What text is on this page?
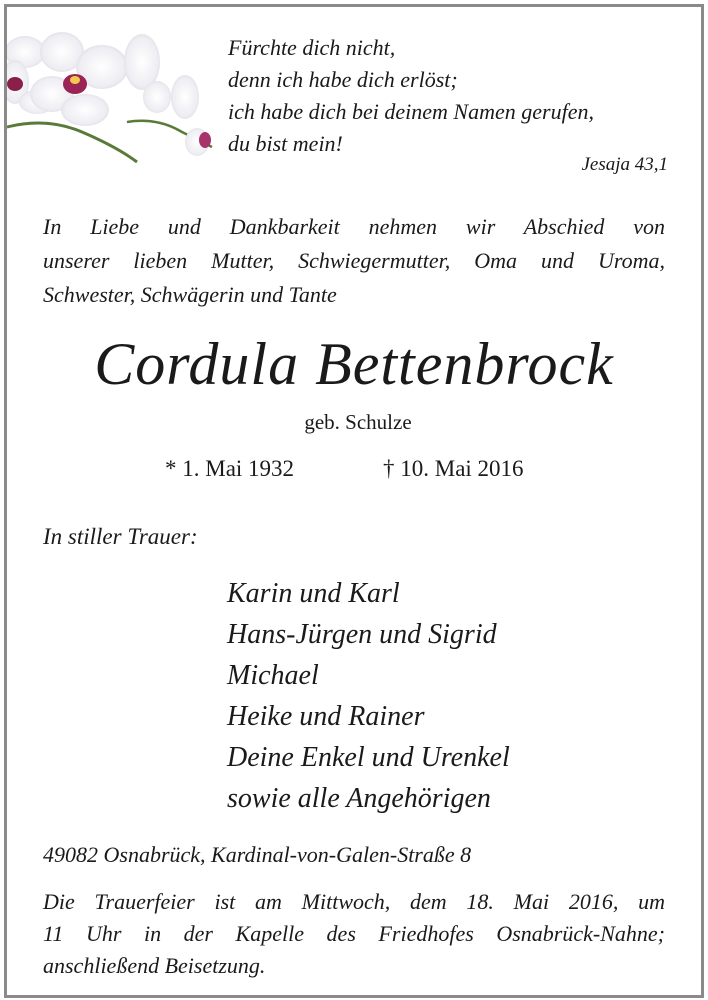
Fürchte dich nicht,
denn ich habe dich erlöst;
ich habe dich bei deinem Namen gerufen,
du bist mein!
Jesaja 43,1
In Liebe und Dankbarkeit nehmen wir Abschied von
unserer lieben Mutter, Schwiegermutter, Oma und Uroma,
Schwester, Schwägerin und Tante
Cordula Bettenbrock
geb. Schulze
* 1. Mai 1932	† 10. Mai 2016
In stiller Trauer:
Karin und Karl
Hans-Jürgen und Sigrid
Michael
Heike und Rainer
Deine Enkel und Urenkel
sowie alle Angehörigen
49082 Osnabrück, Kardinal-von-Galen-Straße 8
Die Trauerfeier ist am Mittwoch, dem 18. Mai 2016, um
11 Uhr in der Kapelle des Friedhofes Osnabrück-Nahne;
anschließend Beisetzung.
